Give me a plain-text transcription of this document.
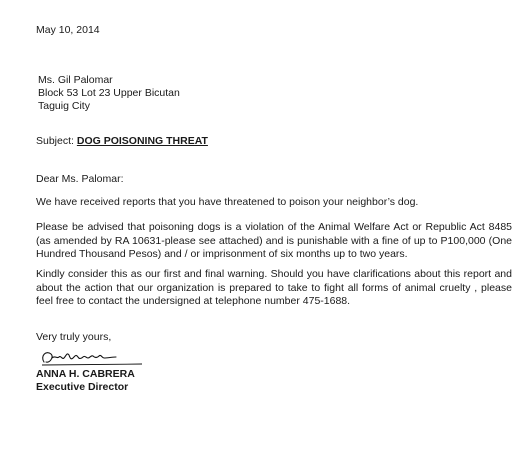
May 10, 2014
Ms. Gil Palomar
Block 53 Lot 23 Upper Bicutan
Taguig City
Subject: DOG POISONING THREAT
Dear Ms. Palomar:
We have received reports that you have threatened to poison your neighbor’s dog.
Please be advised that poisoning dogs is a violation of the Animal Welfare Act or Republic Act 8485 (as amended by RA 10631-please see attached) and is punishable with a fine of up to P100,000 (One Hundred Thousand Pesos) and / or imprisonment of six months up to two years.
Kindly consider this as our first and final warning. Should you have clarifications about this report and about the action that our organization is prepared to take to fight all forms of animal cruelty , please feel free to contact the undersigned at telephone number 475-1688.
Very truly yours,
ANNA H. CABRERA
Executive Director
